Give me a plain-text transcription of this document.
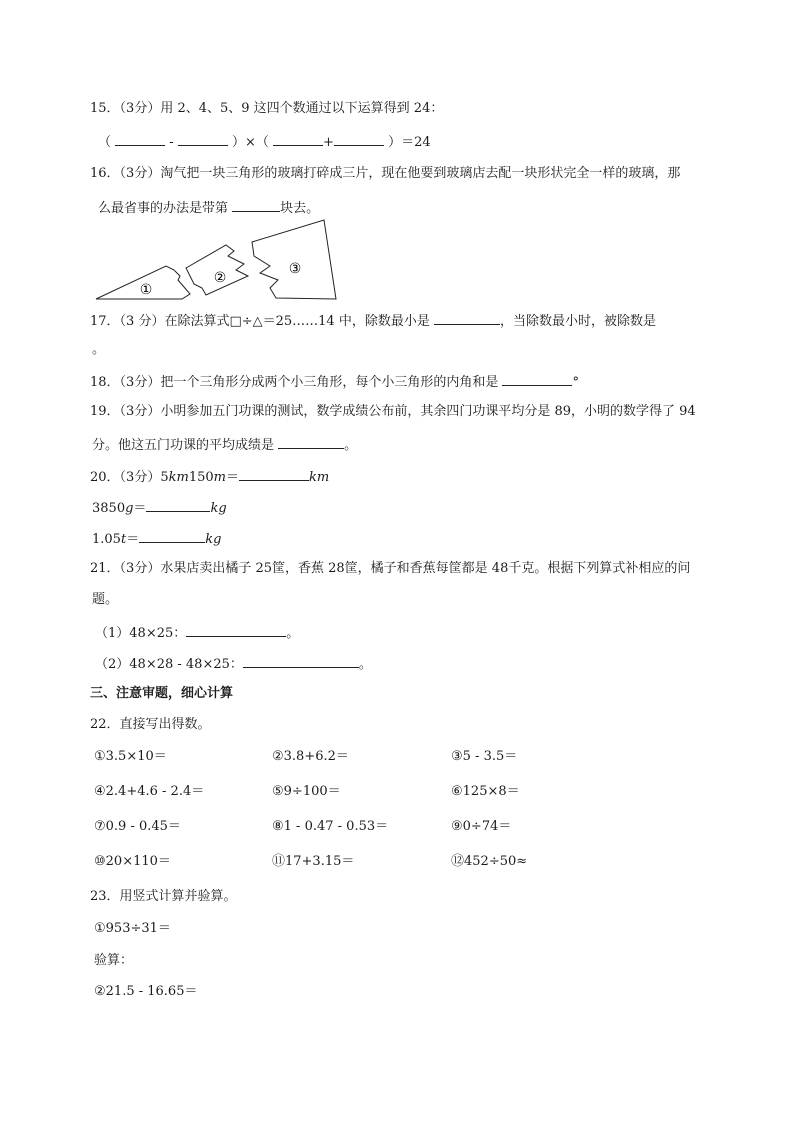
15．（3分）用 2、4、5、9 这四个数通过以下运算得到 24：
（	-	）×（	+	）＝24
16．（3分）淘气把一块三角形的玻璃打碎成三片，现在他要到玻璃店去配一块形状完全一样的玻璃，那
么最省事的办法是带第	块去。
①
②
③
17．（3 分）在除法算式□÷△＝25……14 中，除数最小是	，当除数最小时，被除数是
。
18．（3分）把一个三角形分成两个小三角形，每个小三角形的内角和是	°
19．（3分）小明参加五门功课的测试，数学成绩公布前，其余四门功课平均分是 89，小明的数学得了 94
分。他这五门功课的平均成绩是	。
20．（3分）5km150m＝	km
3850g＝	kg
1.05t＝	kg
21．（3分）水果店卖出橘子 25筐，香蕉 28筐，橘子和香蕉每筐都是 48千克。根据下列算式补相应的问
题。
（1）48×25：	。
（2）48×28 - 48×25：	。
三、注意审题，细心计算
22．直接写出得数。
①3.5×10＝	②3.8+6.2＝	③5 - 3.5＝
④2.4+4.6 - 2.4＝	⑤9÷100＝	⑥125×8＝
⑦0.9 - 0.45＝	⑧1 - 0.47 - 0.53＝	⑨0÷74＝
⑩20×110＝	⑪17+3.15＝	⑫452÷50≈
23．用竖式计算并验算。
①953÷31＝
验算：
②21.5 - 16.65＝
